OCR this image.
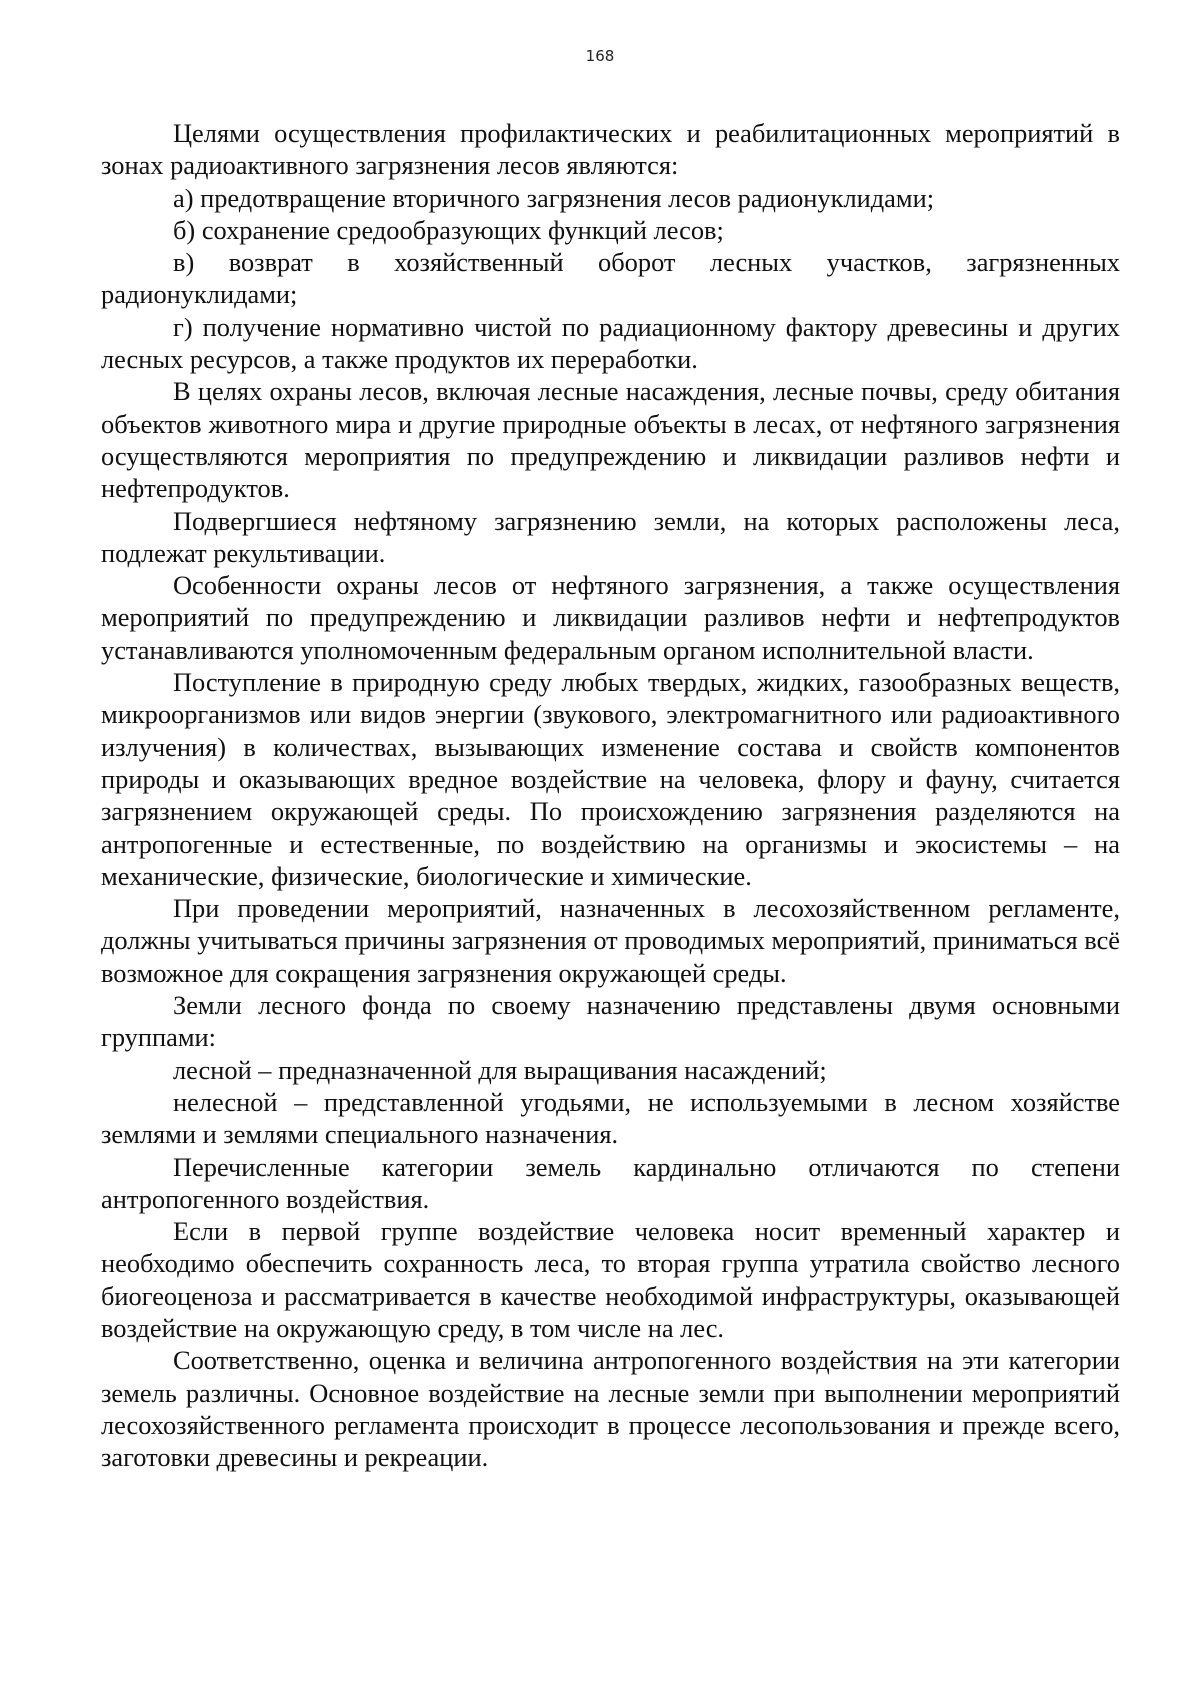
168

Целями осуществления профилактических и реабилитационных мероприятий в зонах радиоактивного загрязнения лесов являются:

а) предотвращение вторичного загрязнения лесов радионуклидами;

б) сохранение средообразующих функций лесов;

в) возврат в хозяйственный оборот лесных участков, загрязненных радионуклидами;

г) получение нормативно чистой по радиационному фактору древесины и других лесных ресурсов, а также продуктов их переработки.

В целях охраны лесов, включая лесные насаждения, лесные почвы, среду обитания объектов животного мира и другие природные объекты в лесах, от нефтяного загрязнения осуществляются мероприятия по предупреждению и ликвидации разливов нефти и нефтепродуктов.

Подвергшиеся нефтяному загрязнению земли, на которых расположены леса, подлежат рекультивации.

Особенности охраны лесов от нефтяного загрязнения, а также осуществления мероприятий по предупреждению и ликвидации разливов нефти и нефтепродуктов устанавливаются уполномоченным федеральным органом исполнительной власти.

Поступление в природную среду любых твердых, жидких, газообразных веществ, микроорганизмов или видов энергии (звукового, электромагнитного или радиоактивного излучения) в количествах, вызывающих изменение состава и свойств компонентов природы и оказывающих вредное воздействие на человека, флору и фауну, считается загрязнением окружающей среды. По происхождению загрязнения разделяются на антропогенные и естественные, по воздействию на организмы и экосистемы – на механические, физические, биологические и химические.

При проведении мероприятий, назначенных в лесохозяйственном регламенте, должны учитываться причины загрязнения от проводимых мероприятий, приниматься всё возможное для сокращения загрязнения окружающей среды.

Земли лесного фонда по своему назначению представлены двумя основными группами:

лесной – предназначенной для выращивания насаждений;

нелесной – представленной угодьями, не используемыми в лесном хозяйстве землями и землями специального назначения.

Перечисленные категории земель кардинально отличаются по степени антропогенного воздействия.

Если в первой группе воздействие человека носит временный характер и необходимо обеспечить сохранность леса, то вторая группа утратила свойство лесного биогеоценоза и рассматривается в качестве необходимой инфраструктуры, оказывающей воздействие на окружающую среду, в том числе на лес.

Соответственно, оценка и величина антропогенного воздействия на эти категории земель различны. Основное воздействие на лесные земли при выполнении мероприятий лесохозяйственного регламента происходит в процессе лесопользования и прежде всего, заготовки древесины и рекреации.
